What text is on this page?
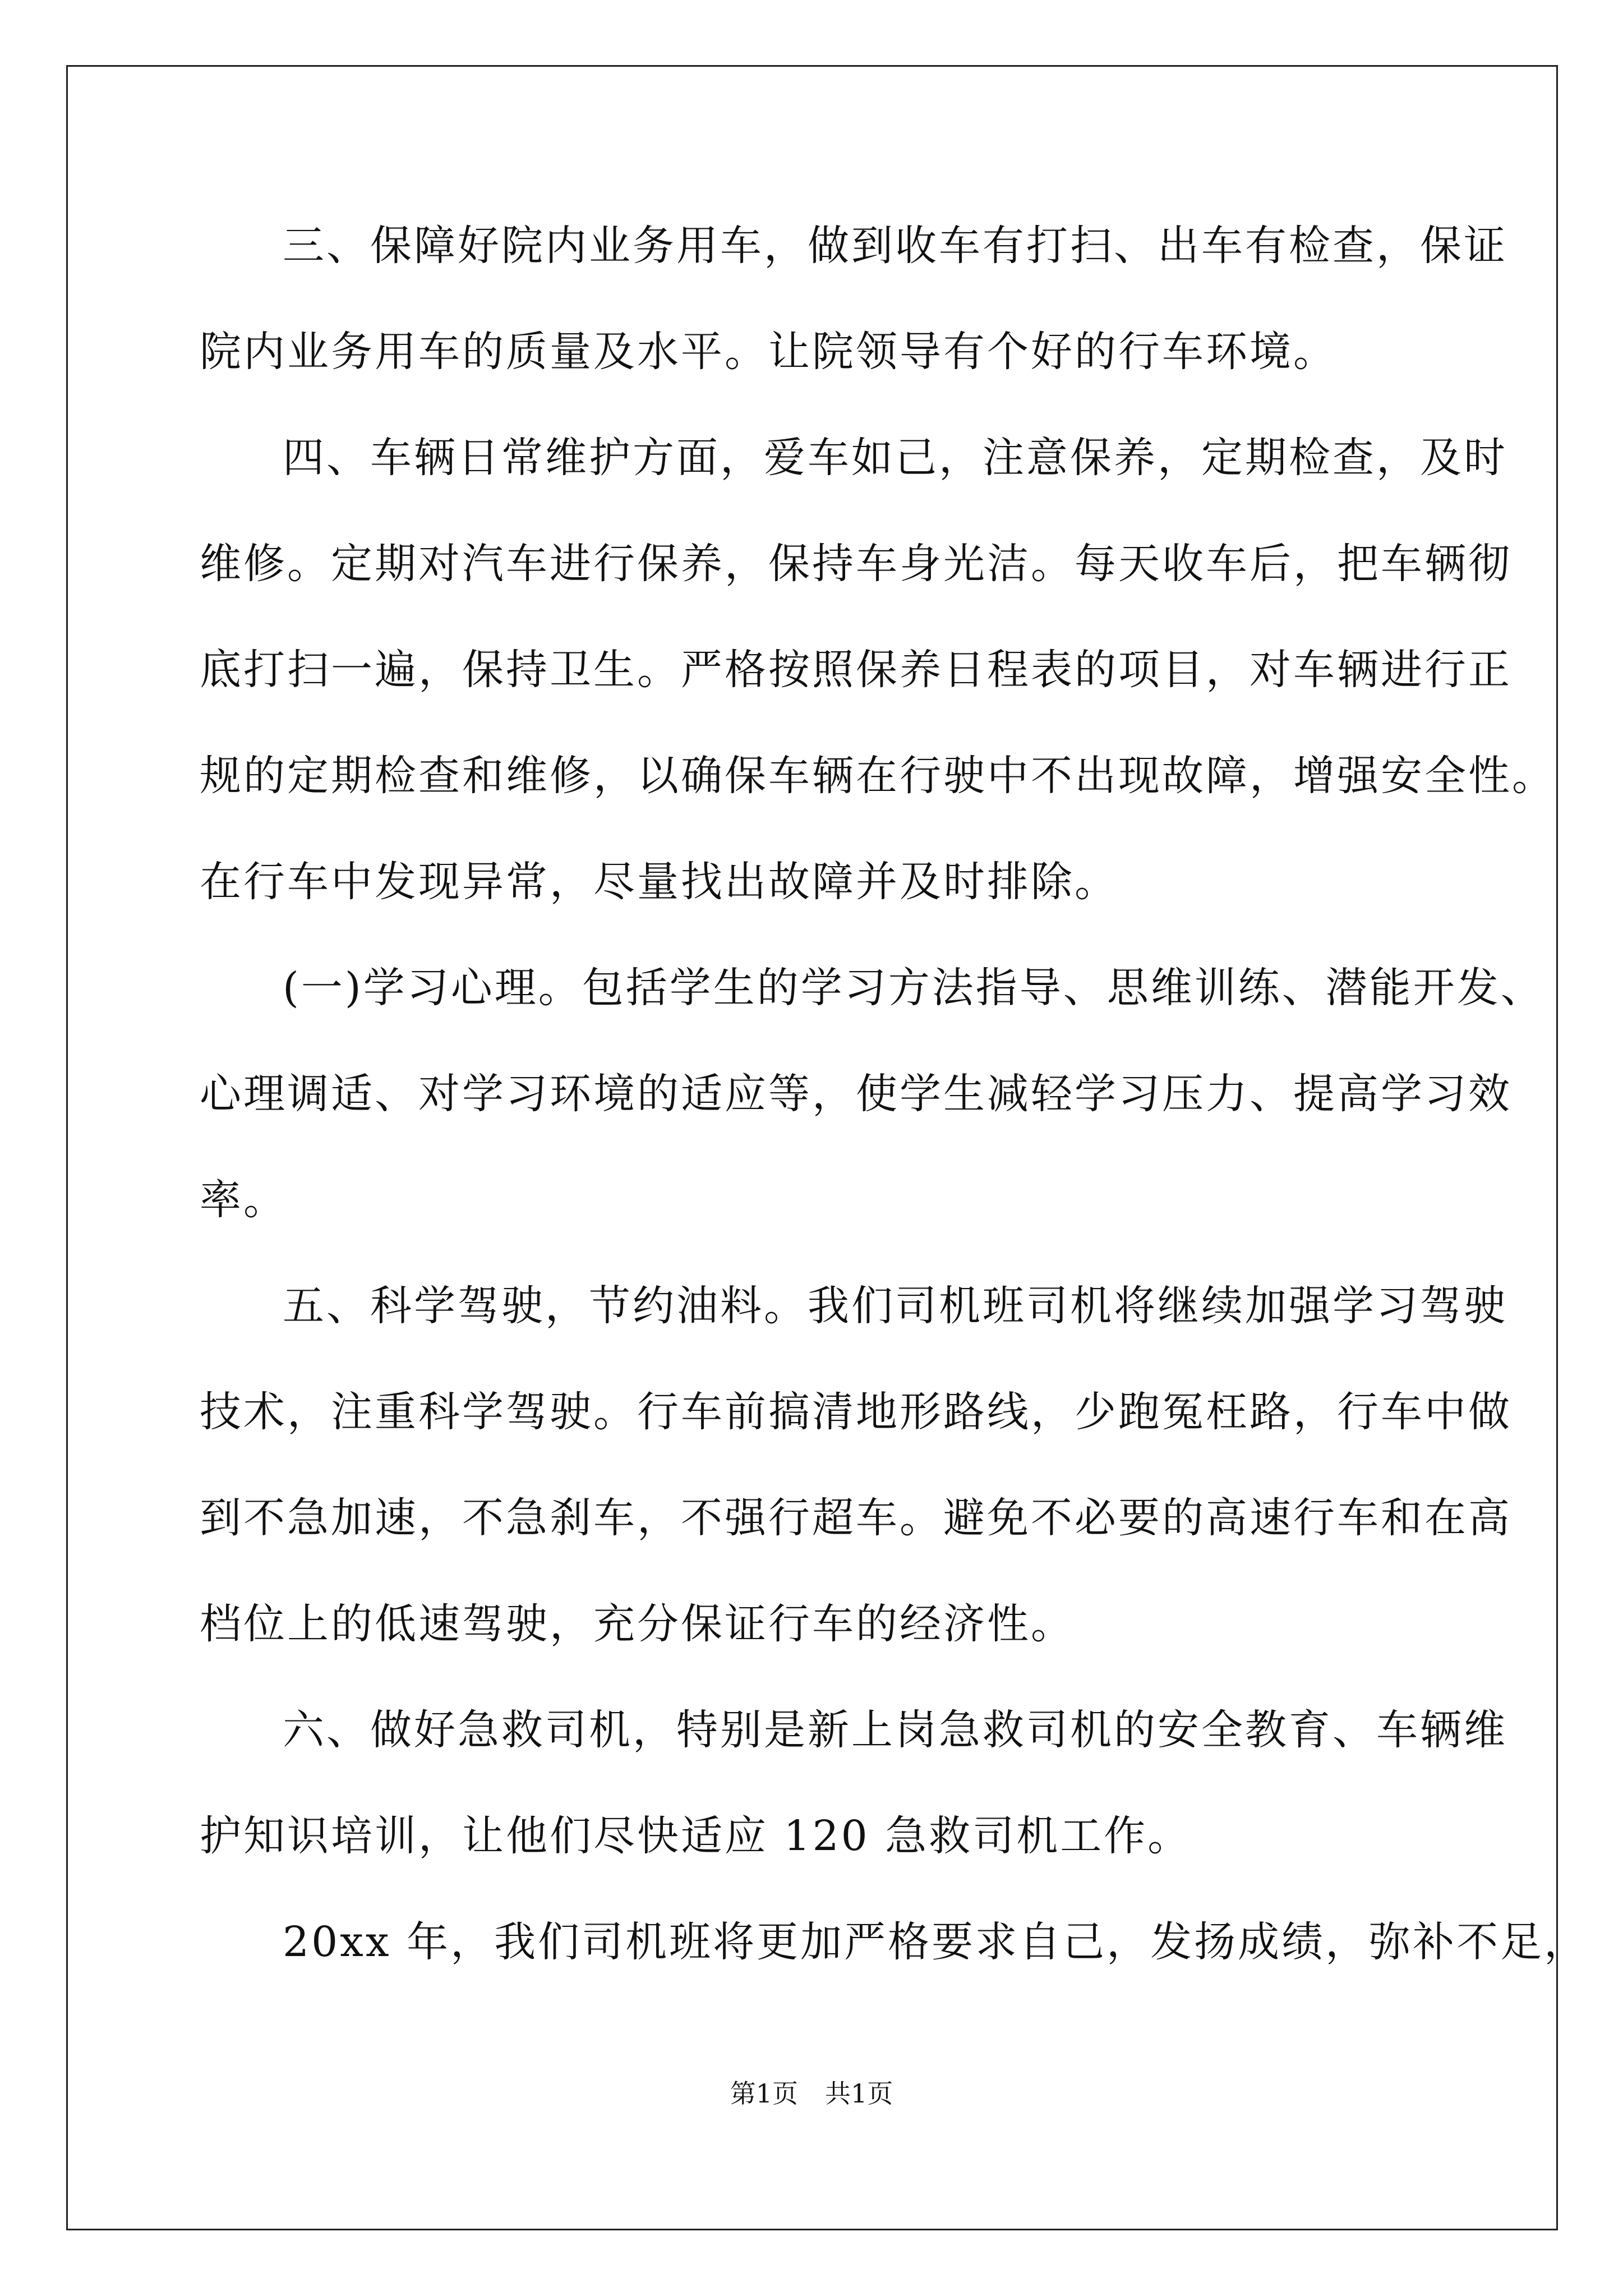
三、保障好院内业务用车，做到收车有打扫、出车有检查，保证
院内业务用车的质量及水平。让院领导有个好的行车环境。
四、车辆日常维护方面，爱车如己，注意保养，定期检查，及时
维修。定期对汽车进行保养，保持车身光洁。每天收车后，把车辆彻
底打扫一遍，保持卫生。严格按照保养日程表的项目，对车辆进行正
规的定期检查和维修，以确保车辆在行驶中不出现故障，增强安全性。
在行车中发现异常，尽量找出故障并及时排除。
(一)学习心理。包括学生的学习方法指导、思维训练、潜能开发、
心理调适、对学习环境的适应等，使学生减轻学习压力、提高学习效
率。
五、科学驾驶，节约油料。我们司机班司机将继续加强学习驾驶
技术，注重科学驾驶。行车前搞清地形路线，少跑冤枉路，行车中做
到不急加速，不急刹车，不强行超车。避免不必要的高速行车和在高
档位上的低速驾驶，充分保证行车的经济性。
六、做好急救司机，特别是新上岗急救司机的安全教育、车辆维
护知识培训，让他们尽快适应 120 急救司机工作。
20xx 年，我们司机班将更加严格要求自己，发扬成绩，弥补不足，
第1页 共1页
